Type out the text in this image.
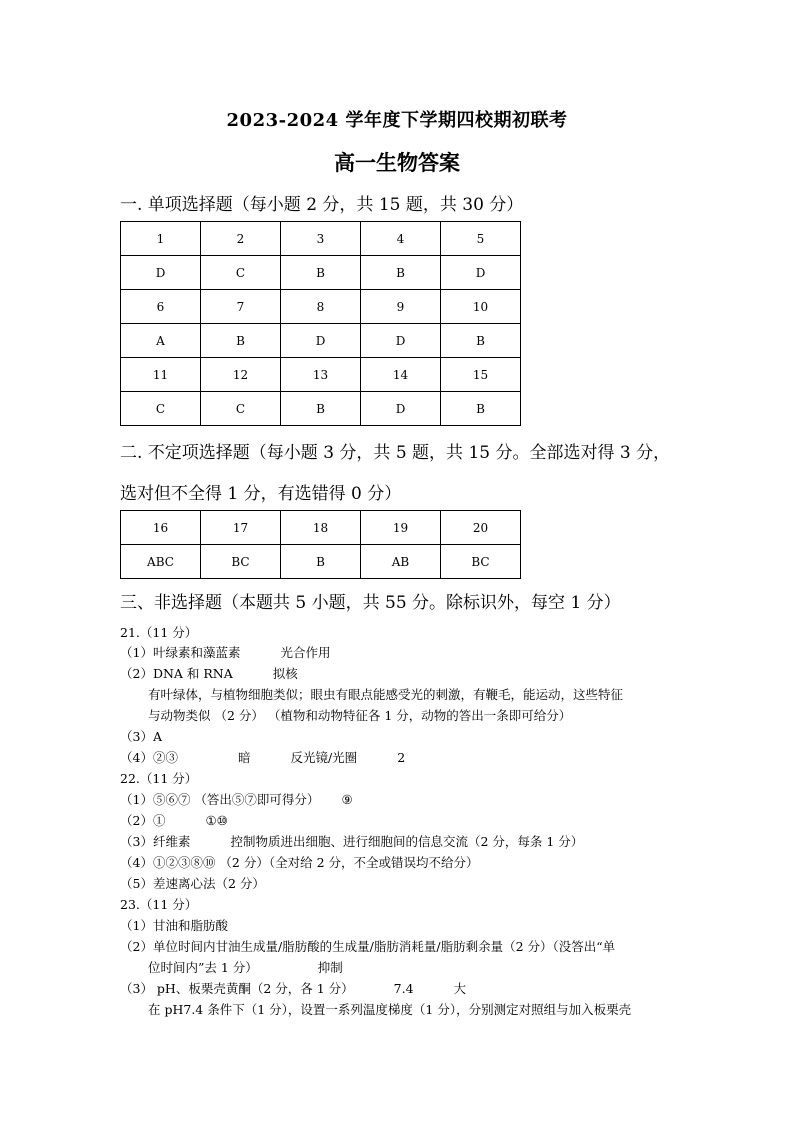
2023-2024 学年度下学期四校期初联考
高一生物答案
一. 单项选择题（每小题 2 分，共 15 题，共 30 分）
1	2	3	4	5
D	C	B	B	D
6	7	8	9	10
A	B	D	D	B
11	12	13	14	15
C	C	B	D	B
二. 不定项选择题（每小题 3 分，共 5 题，共 15 分。全部选对得 3 分，
选对但不全得 1 分，有选错得 0 分）
16	17	18	19	20
ABC	BC	B	AB	BC
三、非选择题（本题共 5 小题，共 55 分。除标识外，每空 1 分）
21.（11 分）
（1）叶绿素和藻蓝素	光合作用
（2）DNA 和 RNA	拟核
有叶绿体，与植物细胞类似；眼虫有眼点能感受光的刺激，有鞭毛，能运动，这些特征
与动物类似 （2 分） （植物和动物特征各 1 分，动物的答出一条即可给分）
（3）A
（4）②③	暗	反光镜/光圈	2
22.（11 分）
（1）⑤⑥⑦ （答出⑤⑦即可得分） ⑨
（2）①	①⑩
（3）纤维素	控制物质进出细胞、进行细胞间的信息交流（2 分，每条 1 分）
（4）①②③⑧⑩ （2 分）（全对给 2 分，不全或错误均不给分）
（5）差速离心法（2 分）
23.（11 分）
（1）甘油和脂肪酸
（2）单位时间内甘油生成量/脂肪酸的生成量/脂肪消耗量/脂肪剩余量（2 分）（没答出“单
位时间内”去 1 分）	抑制
（3） pH、板栗壳黄酮（2 分，各 1 分）	7.4	大
在 pH7.4 条件下（1 分），设置一系列温度梯度（1 分），分别测定对照组与加入板栗壳
